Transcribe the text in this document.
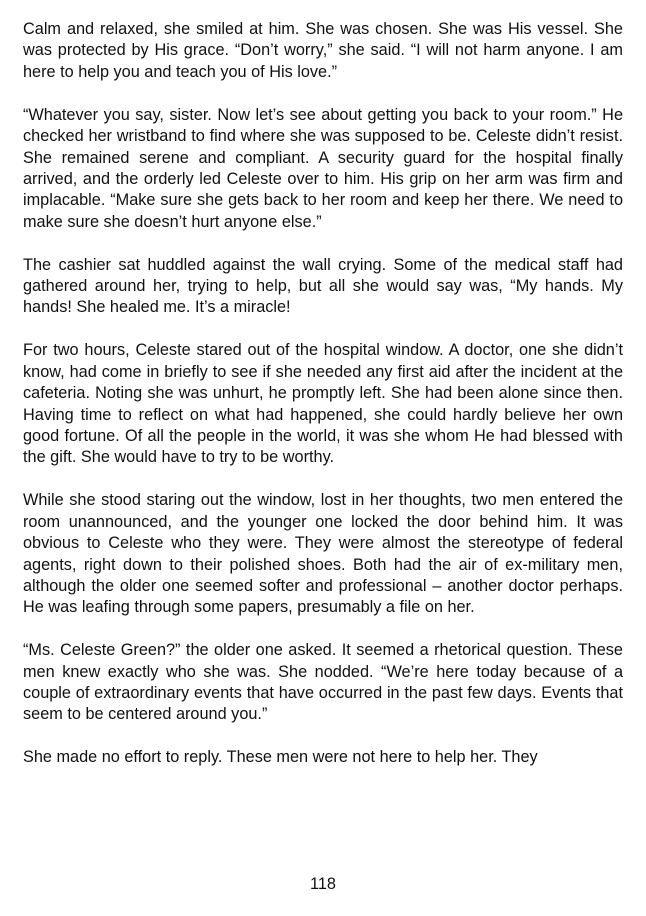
Calm and relaxed, she smiled at him. She was chosen. She was His vessel. She was protected by His grace. “Don’t worry,” she said. “I will not harm anyone. I am here to help you and teach you of His love.”

“Whatever you say, sister. Now let’s see about getting you back to your room.” He checked her wristband to find where she was supposed to be. Celeste didn’t resist. She remained serene and compliant. A security guard for the hospital finally arrived, and the orderly led Celeste over to him. His grip on her arm was firm and implacable. “Make sure she gets back to her room and keep her there. We need to make sure she doesn’t hurt anyone else.”

The cashier sat huddled against the wall crying. Some of the medical staff had gathered around her, trying to help, but all she would say was, “My hands. My hands! She healed me. It’s a miracle!

For two hours, Celeste stared out of the hospital window. A doctor, one she didn’t know, had come in briefly to see if she needed any first aid after the incident at the cafeteria. Noting she was unhurt, he promptly left. She had been alone since then. Having time to reflect on what had happened, she could hardly believe her own good fortune. Of all the people in the world, it was she whom He had blessed with the gift. She would have to try to be worthy.

While she stood staring out the window, lost in her thoughts, two men entered the room unannounced, and the younger one locked the door behind him. It was obvious to Celeste who they were. They were almost the stereotype of federal agents, right down to their polished shoes. Both had the air of ex-military men, although the older one seemed softer and professional – another doctor perhaps. He was leafing through some papers, presumably a file on her.

“Ms. Celeste Green?” the older one asked. It seemed a rhetorical question. These men knew exactly who she was. She nodded. “We’re here today because of a couple of extraordinary events that have occurred in the past few days. Events that seem to be centered around you.”

She made no effort to reply. These men were not here to help her. They

118
